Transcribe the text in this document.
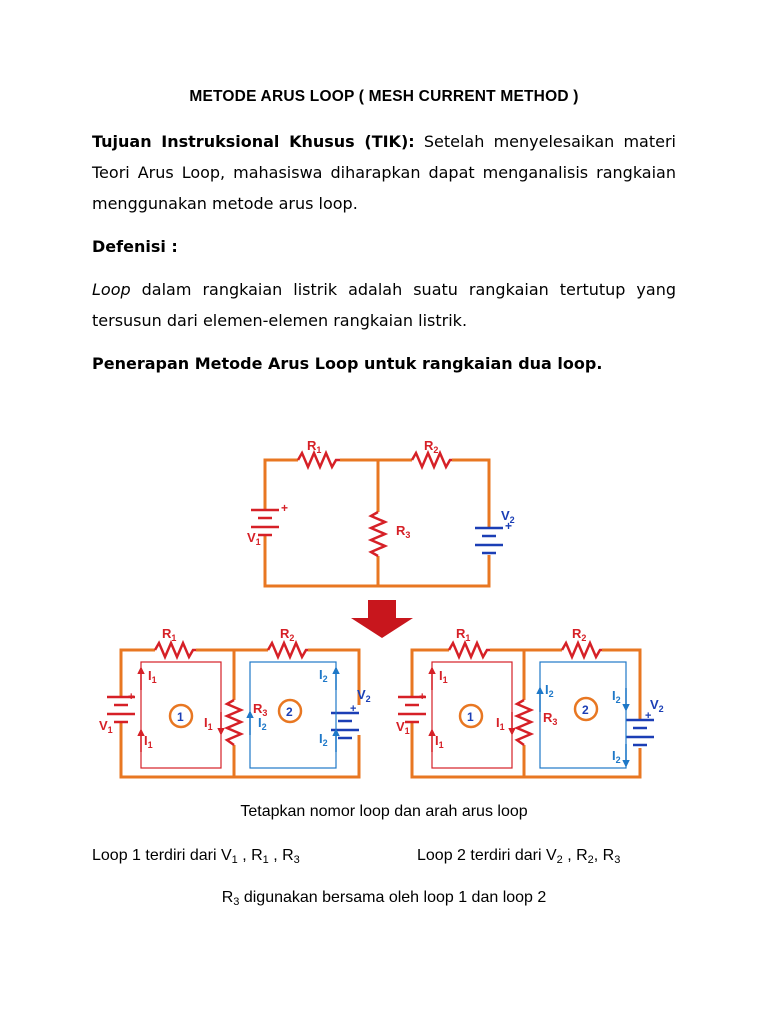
METODE ARUS LOOP ( MESH CURRENT METHOD )
Tujuan Instruksional Khusus (TIK): Setelah menyelesaikan materi Teori Arus Loop, mahasiswa diharapkan dapat menganalisis rangkaian menggunakan metode arus loop.
Defenisi :
Loop dalam rangkaian listrik adalah suatu rangkaian tertutup yang tersusun dari elemen-elemen rangkaian listrik.
Penerapan Metode Arus Loop untuk rangkaian dua loop.
+
+
$R_1$	$R_2$
$R_3$
$V_1$
$V_2$
+
+
1	2
$R_1$	$R_2$
$R_3$
$V_1$
$V_2$
$I_1$
$I_1$
$I_1$	$I_2$
$I_2$
$I_2$
+
+
1	2
$R_1$	$R_2$
$R_3$
$V_1$
$V_2$
$I_1$
$I_1$
$I_1$
$I_2$	$I_2$
$I_2$
Tetapkan nomor loop dan arah arus loop
Loop 1 terdiri dari $V_1$ , $R_1$ , $R_3$	Loop 2 terdiri dari $V_2$ , $R_2$, $R_3$
$R_3$ digunakan bersama oleh loop 1 dan loop 2
